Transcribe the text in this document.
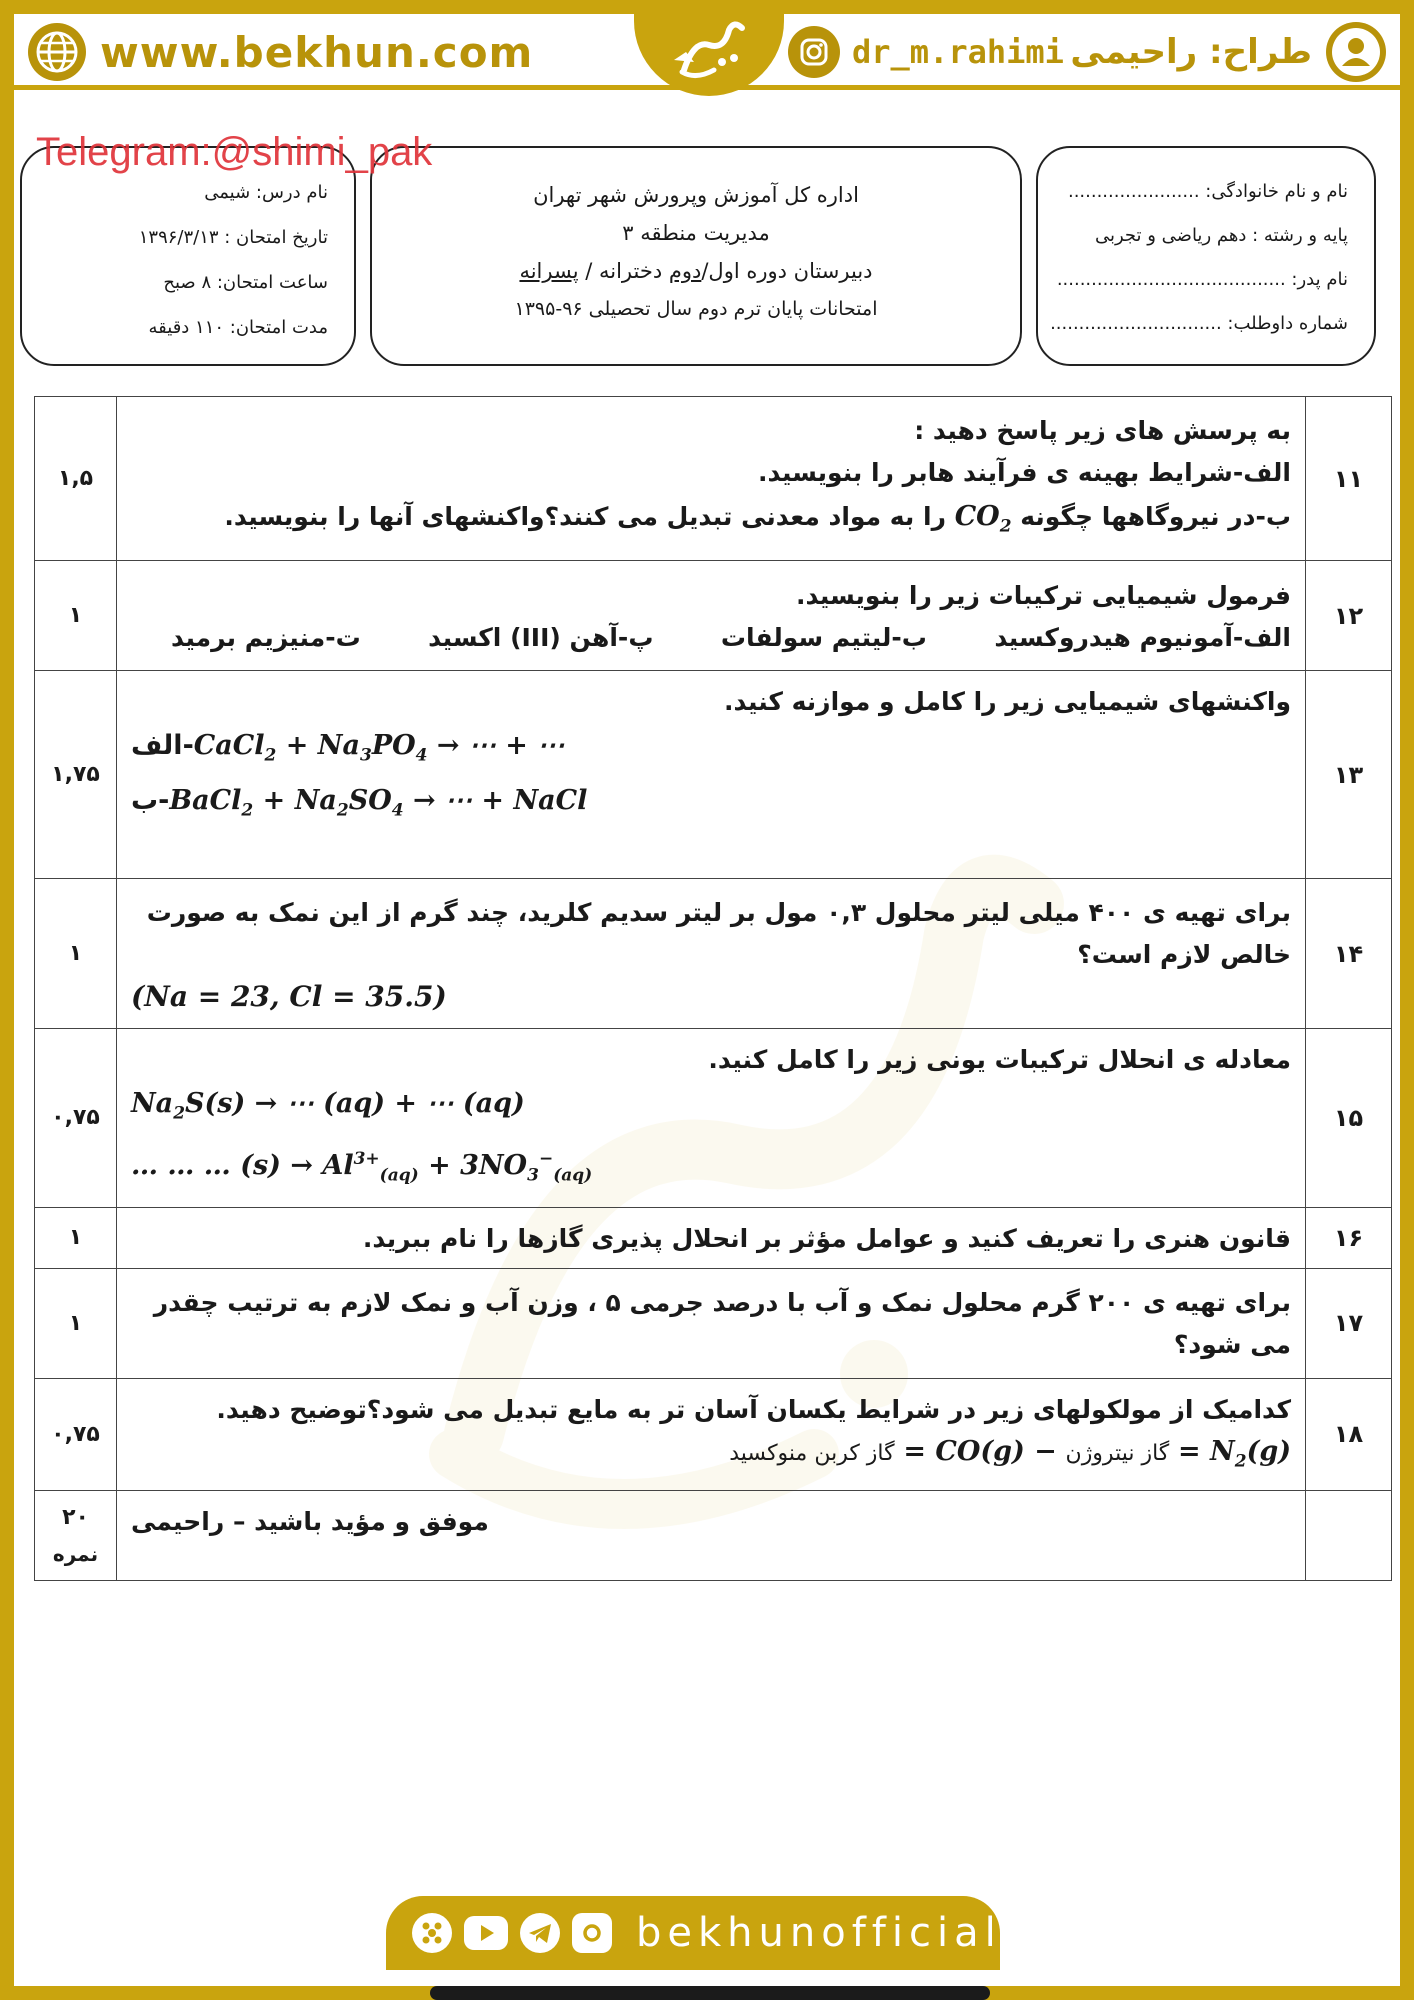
www.bekhun.com	dr_m.rahimi طراح: راحیمی
نام و نام خانوادگی: .......................
پایه و رشته : دهم ریاضی و تجربی
نام پدر: ........................................
شماره داوطلب: ..............................
اداره کل آموزش وپرورش شهر تهران
مدیریت منطقه ۳
دبیرستان دوره اول/دوم دخترانه / پسرانه
امتحانات پایان ترم دوم سال تحصیلی ۹۶-۱۳۹۵
نام درس: شیمی
تاریخ امتحان : ۱۳۹۶/۳/۱۳
ساعت امتحان: ۸ صبح
مدت امتحان: ۱۱۰ دقیقه
Telegram:@shimi_pak
۱,۵	به پرسش های زیر پاسخ دهید :
الف-شرایط بهینه ی فرآیند هابر را بنویسید.
ب-در نیروگاهها چگونه $CO_2$ را به مواد معدنی تبدیل می کنند؟واکنشهای آنها را بنویسید.	۱۱
۱	فرمول شیمیایی ترکیبات زیر را بنویسید.
الف-آمونیوم هیدروکسید
ب-لیتیم سولفات
پ-آهن (III) اکسید
ت-منیزیم برمید	۱۲
۱,۷۵	واکنشهای شیمیایی زیر را کامل و موازنه کنید.
الف-CaCl$_2$ + $Na_3PO_4$ → ⋯ + ⋯
ب-BaCl$_2$ + $Na_2SO_4$ → ⋯ + NaCl	۱۳
۱	برای تهیه ی ۴۰۰ میلی لیتر محلول ۰,۳ مول بر لیتر سدیم کلرید، چند گرم از این نمک به صورت خالص لازم است؟
(Na = 23, Cl = 35.5)	۱۴
۰,۷۵	معادله ی انحلال ترکیبات یونی زیر را کامل کنید.
$Na_2S(s)$ → ⋯ (aq) + ⋯ (aq)
… … … $(s) \to Al^{3+}_{(aq)} + 3NO_3^-_{(aq)}$	۱۵
۱	قانون هنری را تعریف کنید و عوامل مؤثر بر انحلال پذیری گازها را نام ببرید.	۱۶
۱	برای تهیه ی ۲۰۰ گرم محلول نمک و آب با درصد جرمی ۵ ، وزن آب و نمک لازم به ترتیب چقدر می شود؟	۱۷
۰,۷۵	کدامیک از مولکولهای زیر در شرایط یکسان آسان تر به مایع تبدیل می شود؟توضیح دهید.
$N_2(g)$ = گاز نیتروژن − CO(g) = گاز کربن منوکسید	۱۸

۲۰
نمره	موفق و مؤید باشید – راحیمی	
bekhunofficial
